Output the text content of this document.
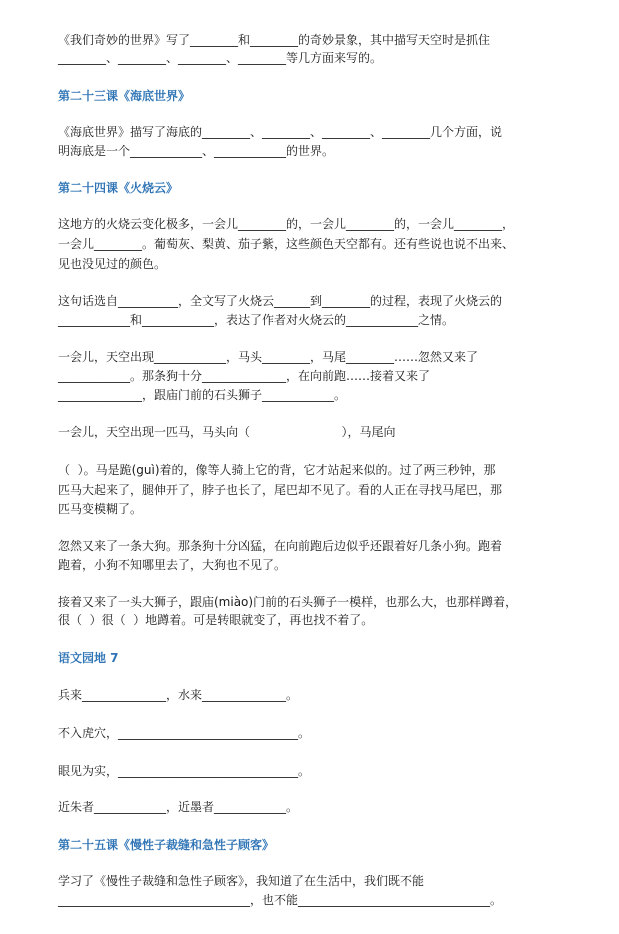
《我们奇妙的世界》写了________和________的奇妙景象，其中描写天空时是抓住
________、________、________、________等几方面来写的。
第二十三课《海底世界》
《海底世界》描写了海底的________、________、________、________几个方面，说
明海底是一个____________、____________的世界。
第二十四课《火烧云》
这地方的火烧云变化极多，一会儿________的，一会儿________的，一会儿________，
一会儿________。葡萄灰、梨黄、茄子紫，这些颜色天空都有。还有些说也说不出来、
见也没见过的颜色。
这句话选自__________，全文写了火烧云______到________的过程，表现了火烧云的
____________和____________，表达了作者对火烧云的____________之情。
一会儿，天空出现____________，马头________，马尾________……忽然又来了
____________。那条狗十分______________，在向前跑……接着又来了
______________，跟庙门前的石头狮子____________。
一会儿，天空出现一匹马，马头向（                        ），马尾向
（  ）。马是跪(guì)着的，像等人骑上它的背，它才站起来似的。过了两三秒钟，那
匹马大起来了，腿伸开了，脖子也长了，尾巴却不见了。看的人正在寻找马尾巴，那
匹马变模糊了。
忽然又来了一条大狗。那条狗十分凶猛，在向前跑后边似乎还跟着好几条小狗。跑着
跑着，小狗不知哪里去了，大狗也不见了。
接着又来了一头大狮子，跟庙(miào)门前的石头狮子一模样，也那么大，也那样蹲着，
很（  ）很（  ）地蹲着。可是转眼就变了，再也找不着了。
语文园地 7
兵来______________，水来______________。
不入虎穴，______________________________。
眼见为实，______________________________。
近朱者____________，近墨者____________。
第二十五课《慢性子裁缝和急性子顾客》
学习了《慢性子裁缝和急性子顾客》，我知道了在生活中，我们既不能
________________________________，也不能________________________________。
